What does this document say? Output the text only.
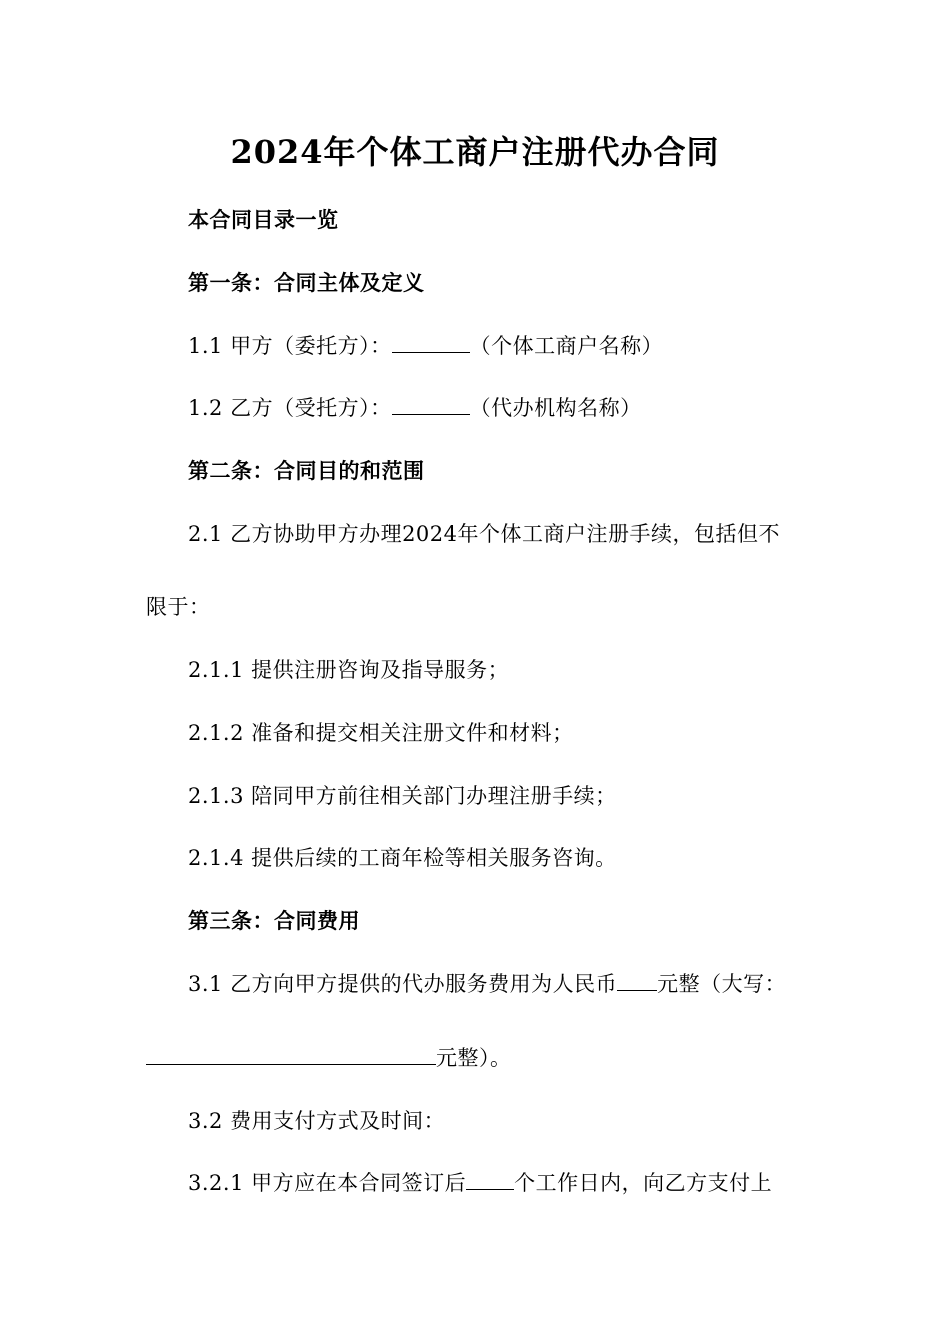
2024年个体工商户注册代办合同
本合同目录一览
第一条：合同主体及定义
1.1 甲方（委托方）：	（个体工商户名称）
1.2 乙方（受托方）：	（代办机构名称）
第二条：合同目的和范围
2.1 乙方协助甲方办理2024年个体工商户注册手续，包括但不
限于：
2.1.1 提供注册咨询及指导服务；
2.1.2 准备和提交相关注册文件和材料；
2.1.3 陪同甲方前往相关部门办理注册手续；
2.1.4 提供后续的工商年检等相关服务咨询。
第三条：合同费用
3.1 乙方向甲方提供的代办服务费用为人民币 元整（大写：
元整）。
3.2 费用支付方式及时间：
3.2.1 甲方应在本合同签订后 个工作日内，向乙方支付上
